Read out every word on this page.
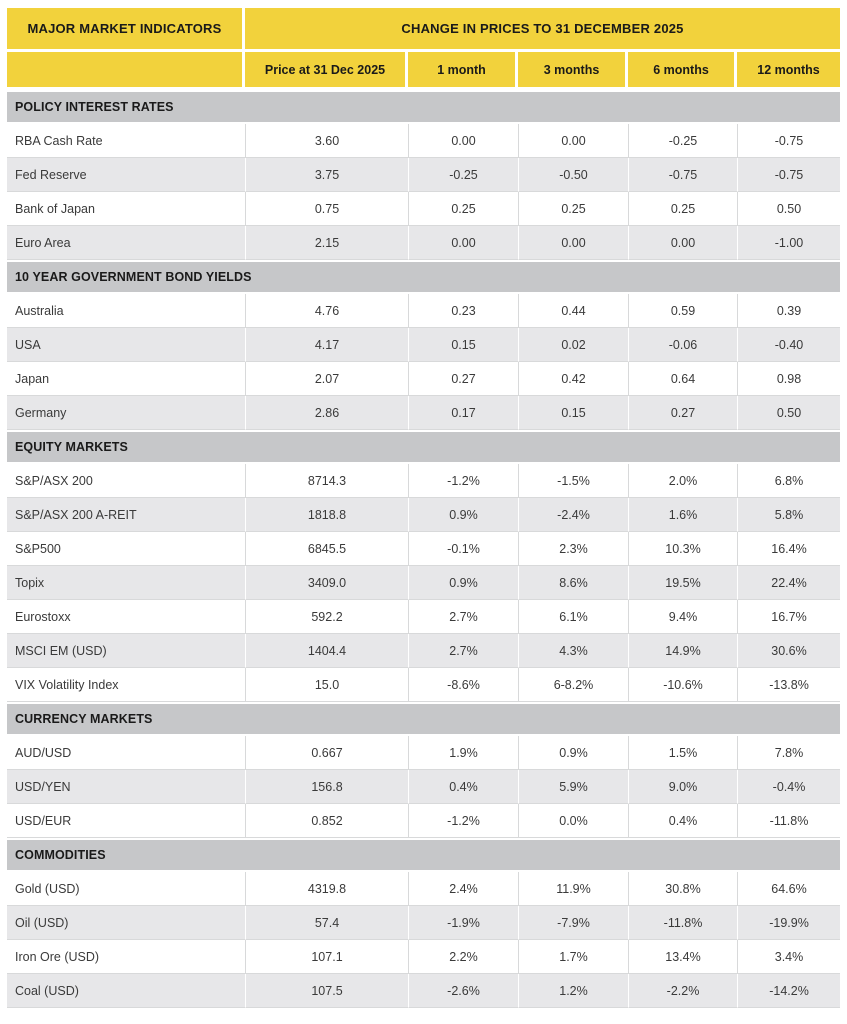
MAJOR MARKET INDICATORS	CHANGE IN PRICES TO 31 DECEMBER 2025				
	Price at 31 Dec 2025	1 month	3 months	6 months	12 months
POLICY INTEREST RATES					
RBA Cash Rate	3.60	0.00	0.00	-0.25	-0.75
Fed Reserve	3.75	-0.25	-0.50	-0.75	-0.75
Bank of Japan	0.75	0.25	0.25	0.25	0.50
Euro Area	2.15	0.00	0.00	0.00	-1.00
10 YEAR GOVERNMENT BOND YIELDS					
Australia	4.76	0.23	0.44	0.59	0.39
USA	4.17	0.15	0.02	-0.06	-0.40
Japan	2.07	0.27	0.42	0.64	0.98
Germany	2.86	0.17	0.15	0.27	0.50
EQUITY MARKETS					
S&P/ASX 200	8714.3	-1.2%	-1.5%	2.0%	6.8%
S&P/ASX 200 A-REIT	1818.8	0.9%	-2.4%	1.6%	5.8%
S&P500	6845.5	-0.1%	2.3%	10.3%	16.4%
Topix	3409.0	0.9%	8.6%	19.5%	22.4%
Eurostoxx	592.2	2.7%	6.1%	9.4%	16.7%
MSCI EM (USD)	1404.4	2.7%	4.3%	14.9%	30.6%
VIX Volatility Index	15.0	-8.6%	6-8.2%	-10.6%	-13.8%
CURRENCY MARKETS					
AUD/USD	0.667	1.9%	0.9%	1.5%	7.8%
USD/YEN	156.8	0.4%	5.9%	9.0%	-0.4%
USD/EUR	0.852	-1.2%	0.0%	0.4%	-11.8%
COMMODITIES					
Gold (USD)	4319.8	2.4%	11.9%	30.8%	64.6%
Oil (USD)	57.4	-1.9%	-7.9%	-11.8%	-19.9%
Iron Ore (USD)	107.1	2.2%	1.7%	13.4%	3.4%
Coal (USD)	107.5	-2.6%	1.2%	-2.2%	-14.2%
